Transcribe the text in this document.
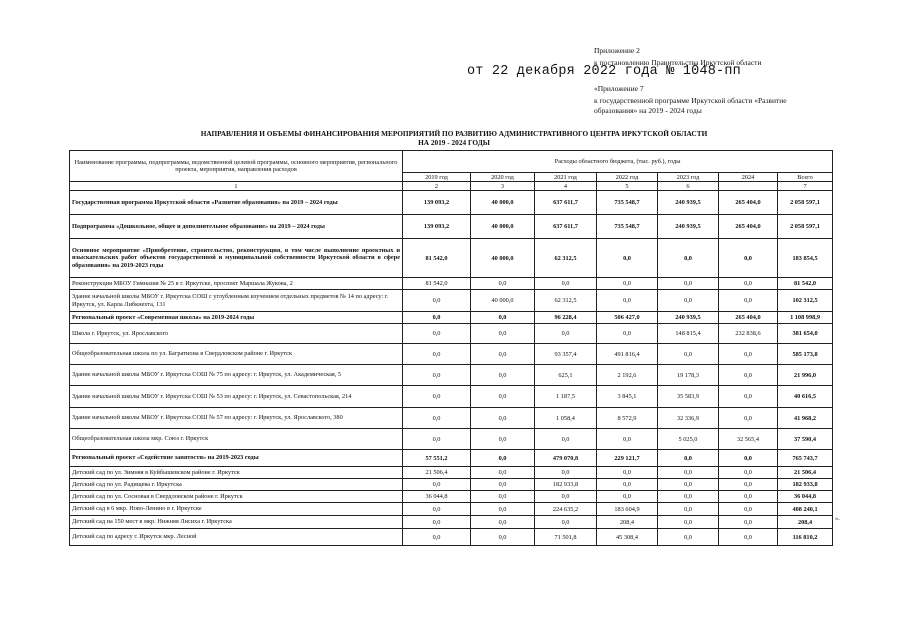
Приложение 2
к постановлению Правительства Иркутской области
от 22 декабря 2022 года № 1048-пп
«Приложение 7
к государственной программе Иркутской области «Развитие образования» на 2019 - 2024 годы
НАПРАВЛЕНИЯ И ОБЪЕМЫ ФИНАНСИРОВАНИЯ МЕРОПРИЯТИЙ ПО РАЗВИТИЮ АДМИНИСТРАТИВНОГО ЦЕНТРА ИРКУТСКОЙ ОБЛАСТИ
НА 2019 - 2024 ГОДЫ
Наименование программы, подпрограммы, ведомственной целевой программы, основного мероприятия, регионального проекта, мероприятия, направления расходов	Расходы областного бюджета, (тыс. руб.), годы						
	2019 год	2020 год	2021 год	2022 год	2023 год	2024	Всего
1	2	3	4	5	6		7
Государственная программа Иркутской области «Развитие образования» на 2019 – 2024 годы	139 093,2	40 000,0	637 611,7	735 548,7	240 939,5	265 404,0	2 058 597,1
Подпрограмма «Дошкольное, общее и дополнительное образование» на 2019 – 2024 годы	139 093,2	40 000,0	637 611,7	735 548,7	240 939,5	265 404,0	2 058 597,1
Основное мероприятие «Приобретение, строительство, реконструкция, в том числе выполнение проектных и изыскательских работ объектов государственной и муниципальной собственности Иркутской области в сфере образования» на 2019-2023 годы	81 542,0	40 000,0	62 312,5	0,0	0,0	0,0	183 854,5
Реконструкция МБОУ Гимназия № 25 в г. Иркутске, проспект Маршала Жукова, 2	81 542,0	0,0	0,0	0,0	0,0	0,0	81 542,0
Здание начальной школы МБОУ г. Иркутска СОШ с углубленным изучением отдельных предметов № 14 по адресу: г. Иркутск, ул. Карла Либкнехта, 131	0,0	40 000,0	62 312,5	0,0	0,0	0,0	102 312,5
Региональный проект «Современная школа» на 2019-2024 годы	0,0	0,0	96 228,4	506 427,0	240 939,5	265 404,0	1 108 998,9
Школа г. Иркутск, ул. Ярославского	0,0	0,0	0,0	0,0	148 815,4	232 838,6	381 654,0
Общеобразовательная школа по ул. Багратиона в Свердловском районе г. Иркутск	0,0	0,0	93 357,4	491 816,4	0,0	0,0	585 173,8
Здание начальной школы МБОУ г. Иркутска СОШ № 75 по адресу: г. Иркутск, ул. Академическая, 5	0,0	0,0	625,1	2 192,6	19 178,3	0,0	21 996,0
Здание начальной школы МБОУ г. Иркутска СОШ № 53 по адресу: г. Иркутск, ул. Севастопольская, 214	0,0	0,0	1 187,5	3 845,1	35 583,9	0,0	40 616,5
Здание начальной школы МБОУ г. Иркутска СОШ № 57 по адресу: г. Иркутск, ул. Ярославского, 380	0,0	0,0	1 058,4	8 572,9	32 336,9	0,0	41 968,2
Общеобразовательная школа мкр. Союз г. Иркутск	0,0	0,0	0,0	0,0	5 025,0	32 565,4	37 590,4
Региональный проект «Содействие занятости» на 2019-2023 годы	57 551,2	0,0	479 070,8	229 121,7	0,0	0,0	765 743,7
Детский сад по ул. Зимняя в Куйбышевском районе г. Иркутск	21 506,4	0,0	0,0	0,0	0,0	0,0	21 506,4
Детский сад по ул. Радищева г. Иркутска	0,0	0,0	182 933,8	0,0	0,0	0,0	182 933,8
Детский сад по ул. Сосновая в Свердловском районе г. Иркутск	36 044,8	0,0	0,0	0,0	0,0	0,0	36 044,8
Детский сад в 6 мкр. Ново-Ленино в г. Иркутске	0,0	0,0	224 635,2	183 604,9	0,0	0,0	408 240,1
Детский сад на 150 мест в мкр. Нижняя Лисиха г. Иркутска	0,0	0,0	0,0	208,4	0,0	0,0	208,4
Детский сад по адресу г. Иркутск мкр. Лесной	0,0	0,0	71 501,8	45 308,4	0,0	0,0	116 810,2
».
